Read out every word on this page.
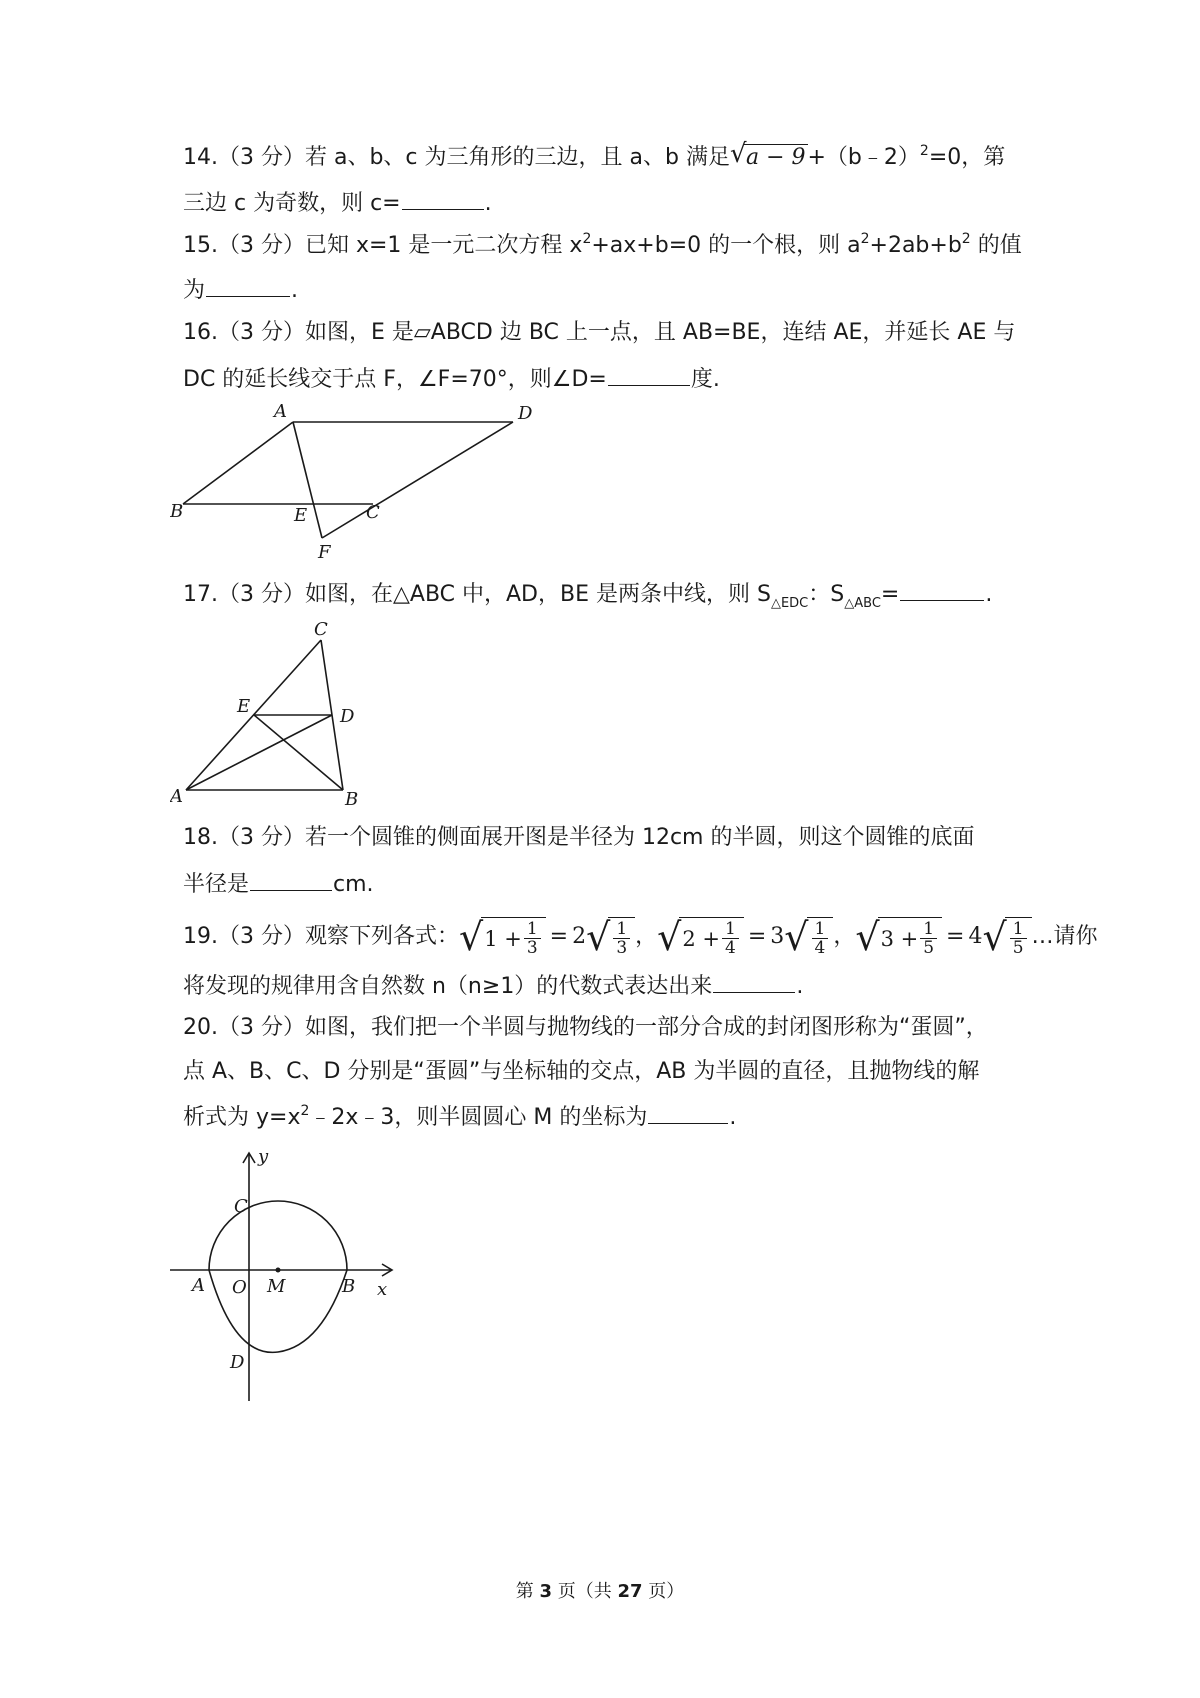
14.（3 分）若 a、b、c 为三角形的三边，且 a、b 满足 √ a − 9+（b﹣2）$^2$=0，第
三边 c 为奇数，则 c=	.
15.（3 分）已知 x=1 是一元二次方程 $x^2+ax+b=0$ 的一个根，则 $a^2+2ab+b^2$ 的值
为	.
16.（3 分）如图，E 是▱ABCD 边 BC 上一点，且 AB=BE，连结 AE，并延长 AE 与
DC 的延长线交于点 F，∠F=70°，则∠D=	度.
A	D
B	E	C
F
17.（3 分）如图，在△ABC 中，AD，BE 是两条中线，则 $S_{\triangle EDC}$：$S_{\triangle ABC}=$	.
C
E	D
A	B
18.（3 分）若一个圆锥的侧面展开图是半径为 12cm 的半圆，则这个圆锥的底面
半径是	cm.
19.（3 分）观察下列各式： √ $1 + \frac{1}{3} = 2$ √ $\frac{1}{3}$ ， √ $2 + \frac{1}{4} = 3$ √ $\frac{1}{4}$ ， √ $3 + \frac{1}{5} = 4$ √ $\frac{1}{5}$ …请你
将发现的规律用含自然数 n（n≥1）的代数式表达出来	.
20.（3 分）如图，我们把一个半圆与抛物线的一部分合成的封闭图形称为“蛋圆”，
点 A、B、C、D 分别是“蛋圆”与坐标轴的交点，AB 为半圆的直径，且抛物线的解
析式为 $y=x^2﹣2x﹣3$，则半圆圆心 M 的坐标为	.
y
C
A O M	B x
D
第 3 页（共 27 页）
